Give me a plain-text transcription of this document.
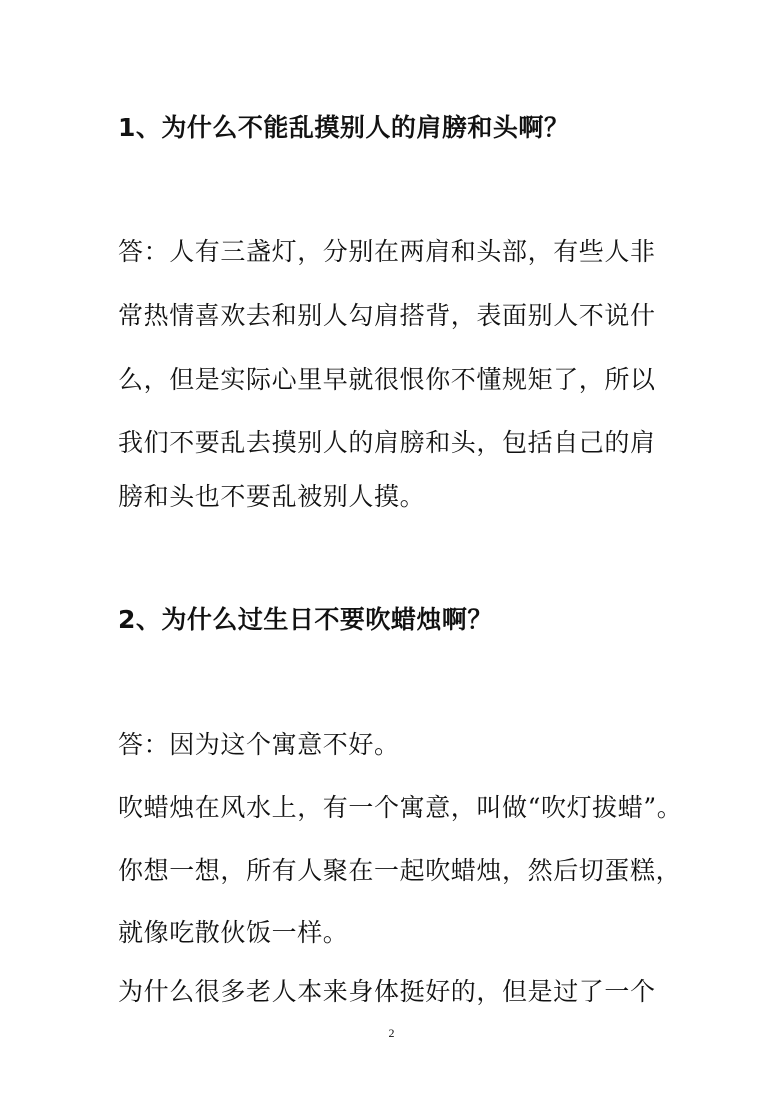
1、为什么不能乱摸别人的肩膀和头啊？

答：人有三盏灯，分别在两肩和头部，有些人非

常热情喜欢去和别人勾肩搭背，表面别人不说什

么，但是实际心里早就很恨你不懂规矩了，所以

我们不要乱去摸别人的肩膀和头，包括自己的肩

膀和头也不要乱被别人摸。

2、为什么过生日不要吹蜡烛啊？

答：因为这个寓意不好。

吹蜡烛在风水上，有一个寓意，叫做“吹灯拔蜡”。

你想一想，所有人聚在一起吹蜡烛，然后切蛋糕，

就像吃散伙饭一样。

为什么很多老人本来身体挺好的，但是过了一个

2
